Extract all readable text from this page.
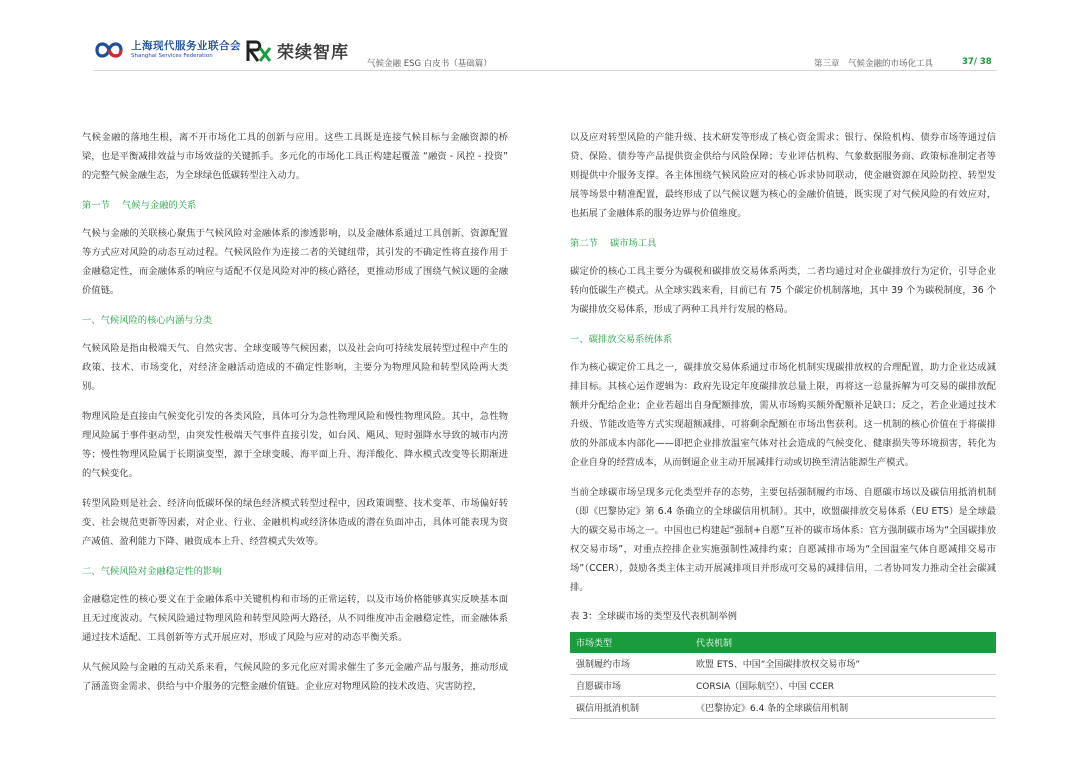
上海现代服务业联合会
Shanghai Services Federation	荣续智库
气候金融 ESG 白皮书（基础篇）	第三章　气候金融的市场化工具	37/ 38

气候金融的落地生根，离不开市场化工具的创新与应用。这些工具既是连接气候目标与金融资源的桥梁，也是平衡减排效益与市场效益的关键抓手。多元化的市场化工具正构建起覆盖 “融资 - 风控 - 投资” 的完整气候金融生态，为全球绿色低碳转型注入动力。

第一节 气候与金融的关系

气候与金融的关联核心聚焦于气候风险对金融体系的渗透影响，以及金融体系通过工具创新、资源配置等方式应对风险的动态互动过程。气候风险作为连接二者的关键纽带，其引发的不确定性将直接作用于金融稳定性，而金融体系的响应与适配不仅是风险对冲的核心路径，更推动形成了围绕气候议题的金融价值链。

一、气候风险的核心内涵与分类

气候风险是指由极端天气、自然灾害、全球变暖等气候因素，以及社会向可持续发展转型过程中产生的政策、技术、市场变化，对经济金融活动造成的不确定性影响，主要分为物理风险和转型风险两大类别。

物理风险是直接由气候变化引发的各类风险，具体可分为急性物理风险和慢性物理风险。其中，急性物理风险属于事件驱动型，由突发性极端天气事件直接引发，如台风、飓风、短时强降水导致的城市内涝等；慢性物理风险属于长期演变型，源于全球变暖、海平面上升、海洋酸化、降水模式改变等长期渐进的气候变化。

转型风险则是社会、经济向低碳环保的绿色经济模式转型过程中，因政策调整、技术变革、市场偏好转变、社会规范更新等因素，对企业、行业、金融机构或经济体造成的潜在负面冲击，具体可能表现为资产减值、盈利能力下降、融资成本上升、经营模式失效等。

二、气候风险对金融稳定性的影响

金融稳定性的核心要义在于金融体系中关键机构和市场的正常运转，以及市场价格能够真实反映基本面且无过度波动。气候风险通过物理风险和转型风险两大路径，从不同维度冲击金融稳定性，而金融体系通过技术适配、工具创新等方式开展应对，形成了风险与应对的动态平衡关系。

从气候风险与金融的互动关系来看，气候风险的多元化应对需求催生了多元金融产品与服务，推动形成了涵盖资金需求、供给与中介服务的完整金融价值链。企业应对物理风险的技术改造、灾害防控，

以及应对转型风险的产能升级、技术研发等形成了核心资金需求；银行、保险机构、债券市场等通过信贷、保险、债券等产品提供资金供给与风险保障；专业评估机构、气象数据服务商、政策标准制定者等则提供中介服务支撑。各主体围绕气候风险应对的核心诉求协同联动，使金融资源在风险防控、转型发展等场景中精准配置，最终形成了以气候议题为核心的金融价值链，既实现了对气候风险的有效应对，也拓展了金融体系的服务边界与价值维度。

第二节 碳市场工具

碳定价的核心工具主要分为碳税和碳排放交易体系两类，二者均通过对企业碳排放行为定价，引导企业转向低碳生产模式。从全球实践来看，目前已有 75 个碳定价机制落地，其中 39 个为碳税制度，36 个为碳排放交易体系，形成了两种工具并行发展的格局。

一、碳排放交易系统体系

作为核心碳定价工具之一，碳排放交易体系通过市场化机制实现碳排放权的合理配置，助力企业达成减排目标。其核心运作逻辑为：政府先设定年度碳排放总量上限，再将这一总量拆解为可交易的碳排放配额并分配给企业；企业若超出自身配额排放，需从市场购买额外配额补足缺口；反之，若企业通过技术升级、节能改造等方式实现超额减排，可将剩余配额在市场出售获利。这一机制的核心价值在于将碳排放的外部成本内部化——即把企业排放温室气体对社会造成的气候变化、健康损失等环境损害，转化为企业自身的经营成本，从而倒逼企业主动开展减排行动或切换至清洁能源生产模式。

当前全球碳市场呈现多元化类型并存的态势，主要包括强制履约市场、自愿碳市场以及碳信用抵消机制（即《巴黎协定》第 6.4 条确立的全球碳信用机制）。其中，欧盟碳排放交易体系（EU ETS）是全球最大的碳交易市场之一。中国也已构建起“强制+自愿”互补的碳市场体系：官方强制碳市场为“全国碳排放权交易市场”，对重点控排企业实施强制性减排约束；自愿减排市场为“全国温室气体自愿减排交易市场”（CCER），鼓励各类主体主动开展减排项目并形成可交易的减排信用，二者协同发力推动全社会碳减排。

表 3：全球碳市场的类型及代表机制举例
市场类型	代表机制
强制履约市场	欧盟 ETS、中国“全国碳排放权交易市场”
自愿碳市场	CORSIA（国际航空）、中国 CCER
碳信用抵消机制	《巴黎协定》6.4 条的全球碳信用机制
